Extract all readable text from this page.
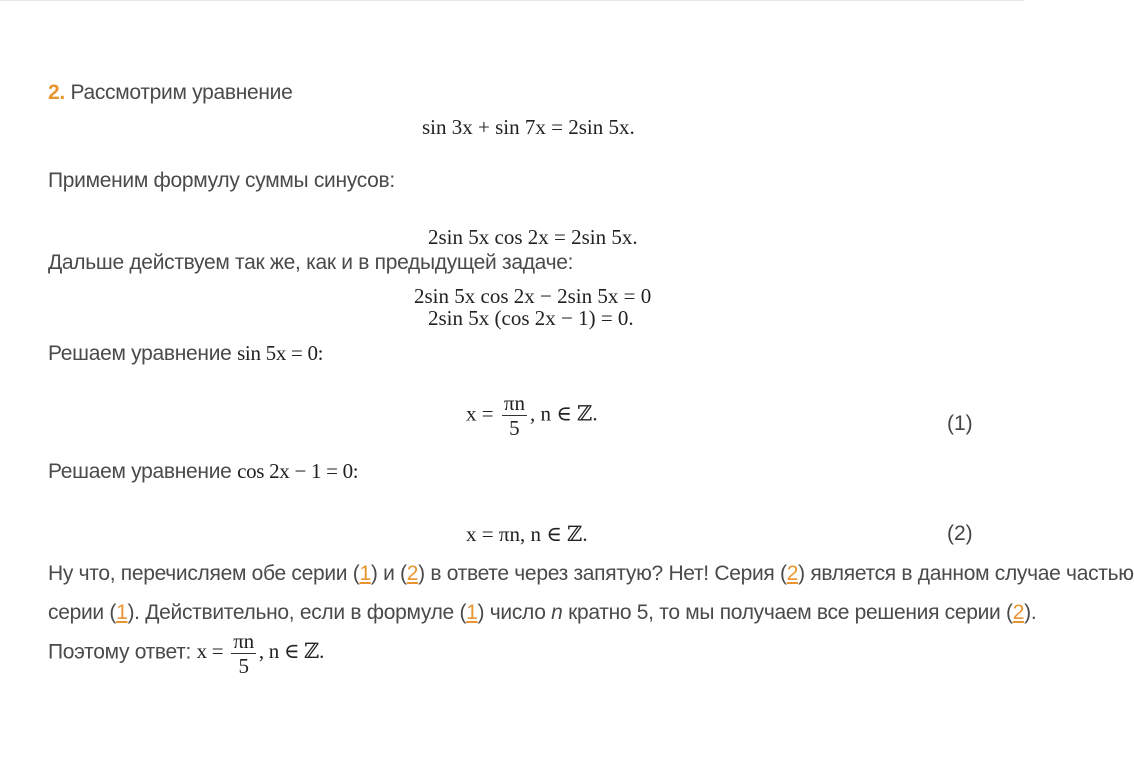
2. Рассмотрим уравнение
sin 3x + sin 7x = 2sin 5x.
Применим формулу суммы синусов:
2sin 5x cos 2x = 2sin 5x.
Дальше действуем так же, как и в предыдущей задаче:
2sin 5x cos 2x − 2sin 5x = 0
2sin 5x (cos 2x − 1) = 0.
Решаем уравнение sin 5x = 0:
$x = \frac{\pi n}{5}$ , n ∈ ℤ.	(1)
Решаем уравнение cos 2x − 1 = 0:
x = πn, n ∈ ℤ.	(2)
Ну что, перечисляем обе серии (1) и (2) в ответе через запятую? Нет! Серия (2) является в данном случае частью
серии (1). Действительно, если в формуле (1) число n кратно 5, то мы получаем все решения серии (2).
Поэтому ответ: $x = \frac{\pi n}{5}$ , n ∈ ℤ.
